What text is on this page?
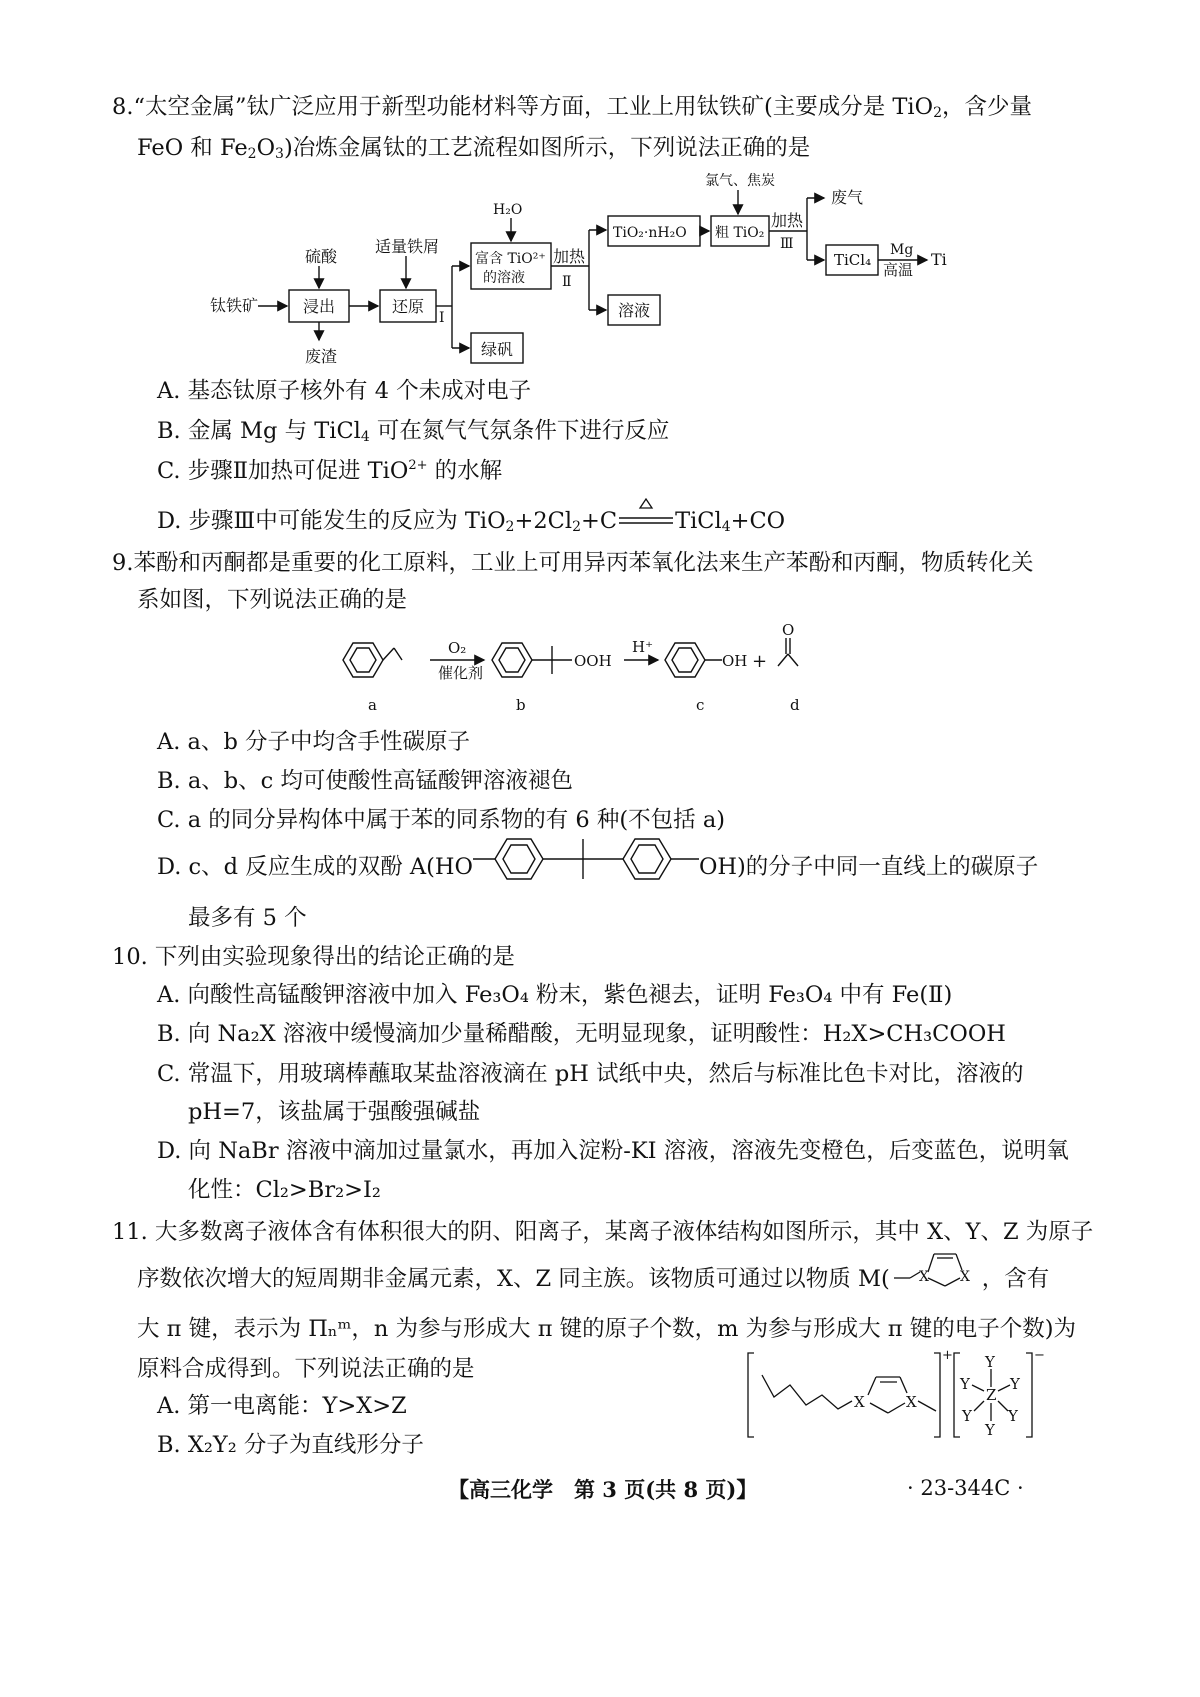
8.“太空金属”钛广泛应用于新型功能材料等方面，工业上用钛铁矿(主要成分是 TiO$_2$，含少量
FeO 和 $Fe_2O_3$)冶炼金属钛的工艺流程如图所示，下列说法正确的是
钛铁矿
硫酸
浸出
废渣
适量铁屑
还原
Ⅰ
H₂O
富含 TiO²⁺
的溶液
加热
Ⅱ
绿矾
TiO₂·nH₂O
溶液
氯气、焦炭
粗 TiO₂
加热
Ⅲ
废气
TiCl₄
Mg
高温
Ti
A. 基态钛原子核外有 4 个未成对电子
B. 金属 Mg 与 TiCl$_4$ 可在氮气气氛条件下进行反应
C. 步骤Ⅱ加热可促进 TiO$^{2+}$ 的水解
D. 步骤Ⅲ中可能发生的反应为 $TiO_2+2Cl_2+C$	TiCl$_4$+CO
9.苯酚和丙酮都是重要的化工原料，工业上可用异丙苯氧化法来生产苯酚和丙酮，物质转化关
系如图，下列说法正确的是
O₂
催化剂
OOH
H⁺
OH +
O
a	b	c	d
A. a、b 分子中均含手性碳原子
B. a、b、c 均可使酸性高锰酸钾溶液褪色
C. a 的同分异构体中属于苯的同系物的有 6 种(不包括 a)
D. c、d 反应生成的双酚 A(HO	OH)的分子中同一直线上的碳原子
最多有 5 个
10. 下列由实验现象得出的结论正确的是
A. 向酸性高锰酸钾溶液中加入 Fe₃O₄ 粉末，紫色褪去，证明 Fe₃O₄ 中有 Fe(Ⅱ)
B. 向 Na₂X 溶液中缓慢滴加少量稀醋酸，无明显现象，证明酸性：H₂X>CH₃COOH
C. 常温下，用玻璃棒蘸取某盐溶液滴在 pH 试纸中央，然后与标准比色卡对比，溶液的
pH=7，该盐属于强酸强碱盐
D. 向 NaBr 溶液中滴加过量氯水，再加入淀粉-KI 溶液，溶液先变橙色，后变蓝色，说明氧
化性：Cl₂>Br₂>I₂
11. 大多数离子液体含有体积很大的阴、阳离子，某离子液体结构如图所示，其中 X、Y、Z 为原子
序数依次增大的短周期非金属元素，X、Z 同主族。该物质可通过以物质 M( X X ，含有
大 π 键，表示为 Πₙᵐ，n 为参与形成大 π 键的原子个数，m 为参与形成大 π 键的电子个数)为
原料合成得到。下列说法正确的是
X	X
+ Y
Z
Y	Y
Y Y
Y
−
A. 第一电离能：Y>X>Z
B. X₂Y₂ 分子为直线形分子
【高三化学　第 3 页(共 8 页)】	· 23-344C ·
